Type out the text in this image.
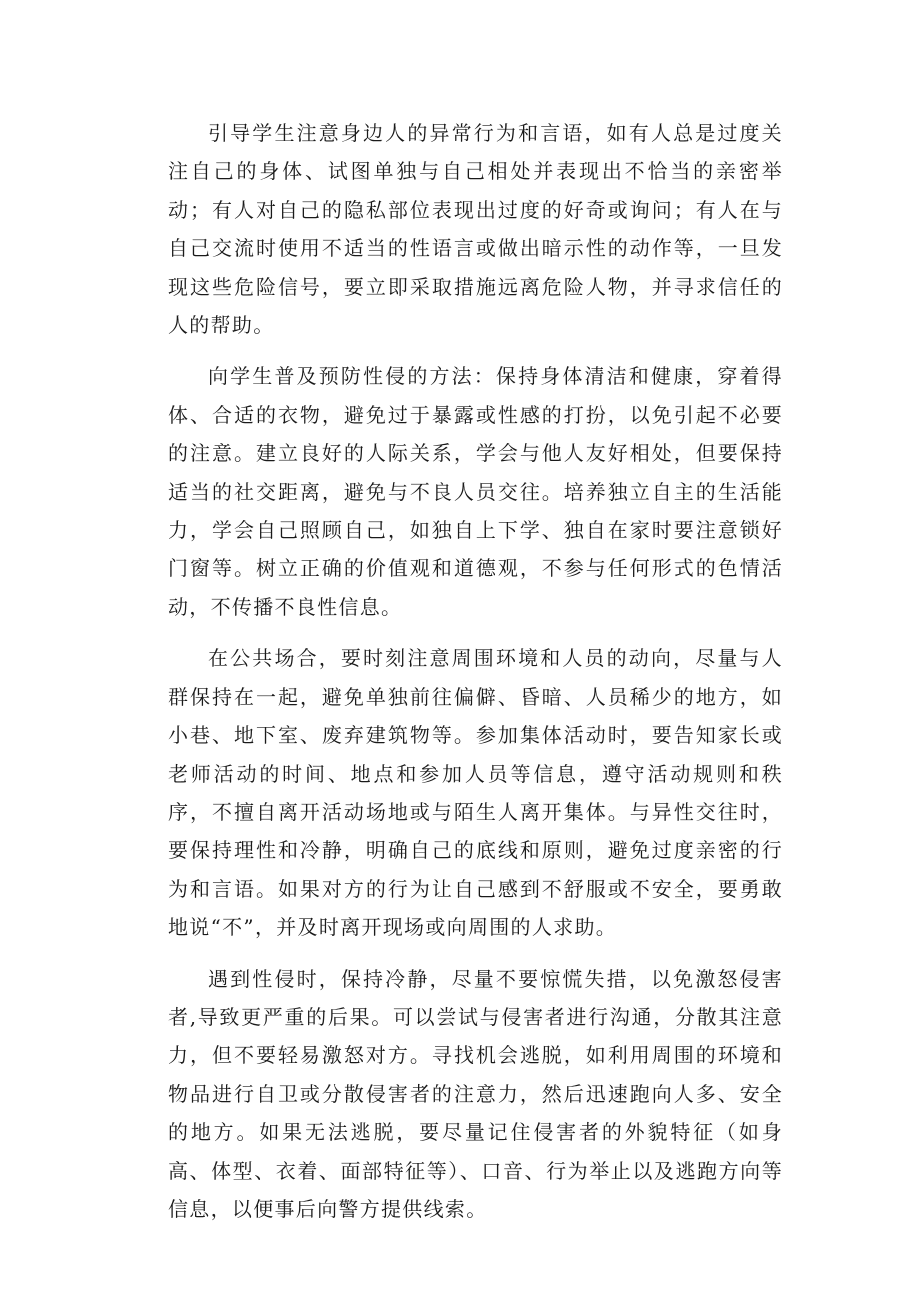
引导学生注意身边人的异常行为和言语，如有人总是过度关注自己的身体、试图单独与自己相处并表现出不恰当的亲密举动；有人对自己的隐私部位表现出过度的好奇或询问；有人在与自己交流时使用不适当的性语言或做出暗示性的动作等，一旦发现这些危险信号，要立即采取措施远离危险人物，并寻求信任的人的帮助。

向学生普及预防性侵的方法：保持身体清洁和健康，穿着得体、合适的衣物，避免过于暴露或性感的打扮，以免引起不必要的注意。建立良好的人际关系，学会与他人友好相处，但要保持适当的社交距离，避免与不良人员交往。培养独立自主的生活能力，学会自己照顾自己，如独自上下学、独自在家时要注意锁好门窗等。树立正确的价值观和道德观，不参与任何形式的色情活动，不传播不良性信息。

在公共场合，要时刻注意周围环境和人员的动向，尽量与人群保持在一起，避免单独前往偏僻、昏暗、人员稀少的地方，如小巷、地下室、废弃建筑物等。参加集体活动时，要告知家长或老师活动的时间、地点和参加人员等信息，遵守活动规则和秩序，不擅自离开活动场地或与陌生人离开集体。与异性交往时，要保持理性和冷静，明确自己的底线和原则，避免过度亲密的行为和言语。如果对方的行为让自己感到不舒服或不安全，要勇敢地说“不”，并及时离开现场或向周围的人求助。

遇到性侵时，保持冷静，尽量不要惊慌失措，以免激怒侵害者,导致更严重的后果。可以尝试与侵害者进行沟通，分散其注意力，但不要轻易激怒对方。寻找机会逃脱，如利用周围的环境和物品进行自卫或分散侵害者的注意力，然后迅速跑向人多、安全的地方。如果无法逃脱，要尽量记住侵害者的外貌特征（如身高、体型、衣着、面部特征等）、口音、行为举止以及逃跑方向等信息，以便事后向警方提供线索。
